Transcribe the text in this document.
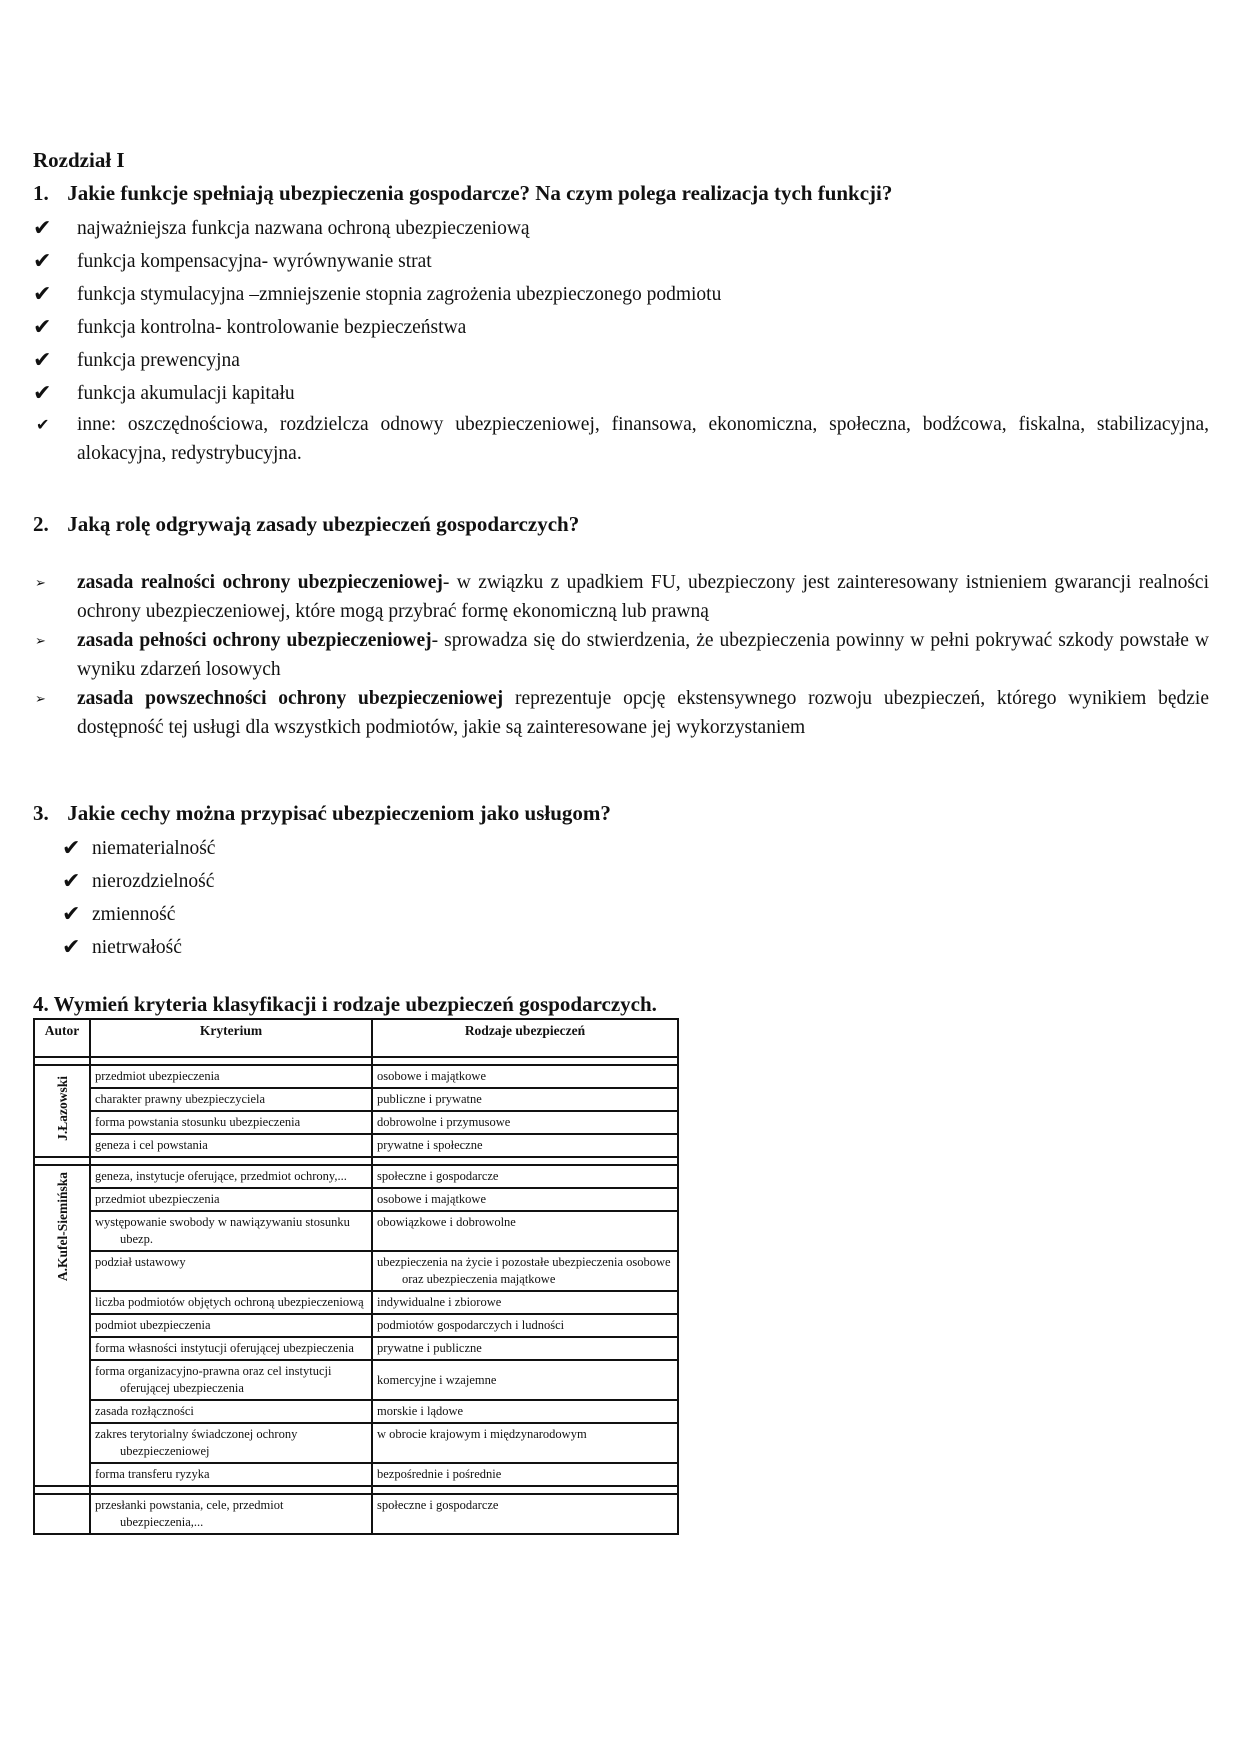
Rozdział I
1. Jakie funkcje spełniają ubezpieczenia gospodarcze? Na czym polega realizacja tych funkcji?
✔ najważniejsza funkcja nazwana ochroną ubezpieczeniową
✔ funkcja kompensacyjna- wyrównywanie strat
✔ funkcja stymulacyjna –zmniejszenie stopnia zagrożenia ubezpieczonego podmiotu
✔ funkcja kontrolna- kontrolowanie bezpieczeństwa
✔ funkcja prewencyjna
✔ funkcja akumulacji kapitału
✔ inne: oszczędnościowa, rozdzielcza odnowy ubezpieczeniowej, finansowa, ekonomiczna, społeczna, bodźcowa, fiskalna, stabilizacyjna, alokacyjna, redystrybucyjna.
2. Jaką rolę odgrywają zasady ubezpieczeń gospodarczych?
➢ zasada realności ochrony ubezpieczeniowej- w związku z upadkiem FU, ubezpieczony jest zainteresowany istnieniem gwarancji realności ochrony ubezpieczeniowej, które mogą przybrać formę ekonomiczną lub prawną
➢ zasada pełności ochrony ubezpieczeniowej- sprowadza się do stwierdzenia, że ubezpieczenia powinny w pełni pokrywać szkody powstałe w wyniku zdarzeń losowych
➢ zasada powszechności ochrony ubezpieczeniowej reprezentuje opcję ekstensywnego rozwoju ubezpieczeń, którego wynikiem będzie dostępność tej usługi dla wszystkich podmiotów, jakie są zainteresowane jej wykorzystaniem
3. Jakie cechy można przypisać ubezpieczeniom jako usługom?
✔ niematerialność
✔ nierozdzielność
✔ zmienność
✔ nietrwałość
4. Wymień kryteria klasyfikacji i rodzaje ubezpieczeń gospodarczych.
Autor	Kryterium	Rodzaje ubezpieczeń

J.Łazowski	przedmiot ubezpieczenia	osobowe i majątkowe

	charakter prawny ubezpieczyciela	publiczne i prywatne

	forma powstania stosunku ubezpieczenia	dobrowolne i przymusowe

	geneza i cel powstania	prywatne i społeczne

A.Kufel-Siemińska	geneza, instytucje oferujące, przedmiot ochrony,...	społeczne i gospodarcze

	przedmiot ubezpieczenia	osobowe i majątkowe

	występowanie swobody w nawiązywaniu stosunku ubezp.	obowiązkowe i dobrowolne

	podział ustawowy	ubezpieczenia na życie i pozostałe ubezpieczenia osobowe oraz ubezpieczenia majątkowe

	liczba podmiotów objętych ochroną ubezpieczeniową	indywidualne i zbiorowe

	podmiot ubezpieczenia	podmiotów gospodarczych i ludności

	forma własności instytucji oferującej ubezpieczenia	prywatne i publiczne

	forma organizacyjno-prawna oraz cel instytucji oferującej ubezpieczenia	komercyjne i wzajemne

	zasada rozłączności	morskie i lądowe

	zakres terytorialny świadczonej ochrony ubezpieczeniowej	w obrocie krajowym i międzynarodowym

	forma transferu ryzyka	bezpośrednie i pośrednie

	przesłanki powstania, cele, przedmiot ubezpieczenia,...	społeczne i gospodarcze
